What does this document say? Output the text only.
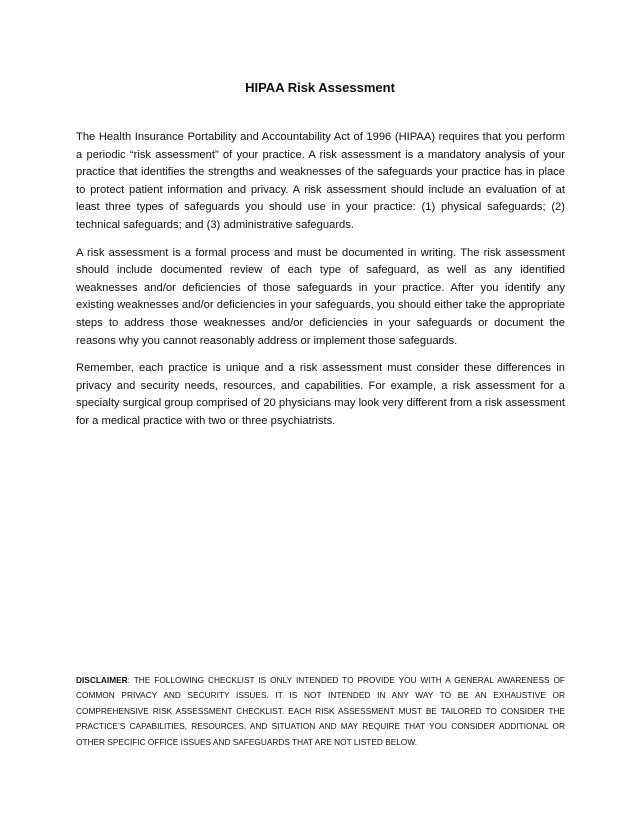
HIPAA Risk Assessment

The Health Insurance Portability and Accountability Act of 1996 (HIPAA) requires that you perform a periodic “risk assessment” of your practice. A risk assessment is a mandatory analysis of your practice that identifies the strengths and weaknesses of the safeguards your practice has in place to protect patient information and privacy. A risk assessment should include an evaluation of at least three types of safeguards you should use in your practice: (1) physical safeguards; (2) technical safeguards; and (3) administrative safeguards.

A risk assessment is a formal process and must be documented in writing. The risk assessment should include documented review of each type of safeguard, as well as any identified weaknesses and/or deficiencies of those safeguards in your practice. After you identify any existing weaknesses and/or deficiencies in your safeguards, you should either take the appropriate steps to address those weaknesses and/or deficiencies in your safeguards or document the reasons why you cannot reasonably address or implement those safeguards.

Remember, each practice is unique and a risk assessment must consider these differences in privacy and security needs, resources, and capabilities. For example, a risk assessment for a specialty surgical group comprised of 20 physicians may look very different from a risk assessment for a medical practice with two or three psychiatrists.

DISCLAIMER: THE FOLLOWING CHECKLIST IS ONLY INTENDED TO PROVIDE YOU WITH A GENERAL AWARENESS OF COMMON PRIVACY AND SECURITY ISSUES. IT IS NOT INTENDED IN ANY WAY TO BE AN EXHAUSTIVE OR COMPREHENSIVE RISK ASSESSMENT CHECKLIST. EACH RISK ASSESSMENT MUST BE TAILORED TO CONSIDER THE PRACTICE’S CAPABILITIES, RESOURCES, AND SITUATION AND MAY REQUIRE THAT YOU CONSIDER ADDITIONAL OR OTHER SPECIFIC OFFICE ISSUES AND SAFEGUARDS THAT ARE NOT LISTED BELOW.
